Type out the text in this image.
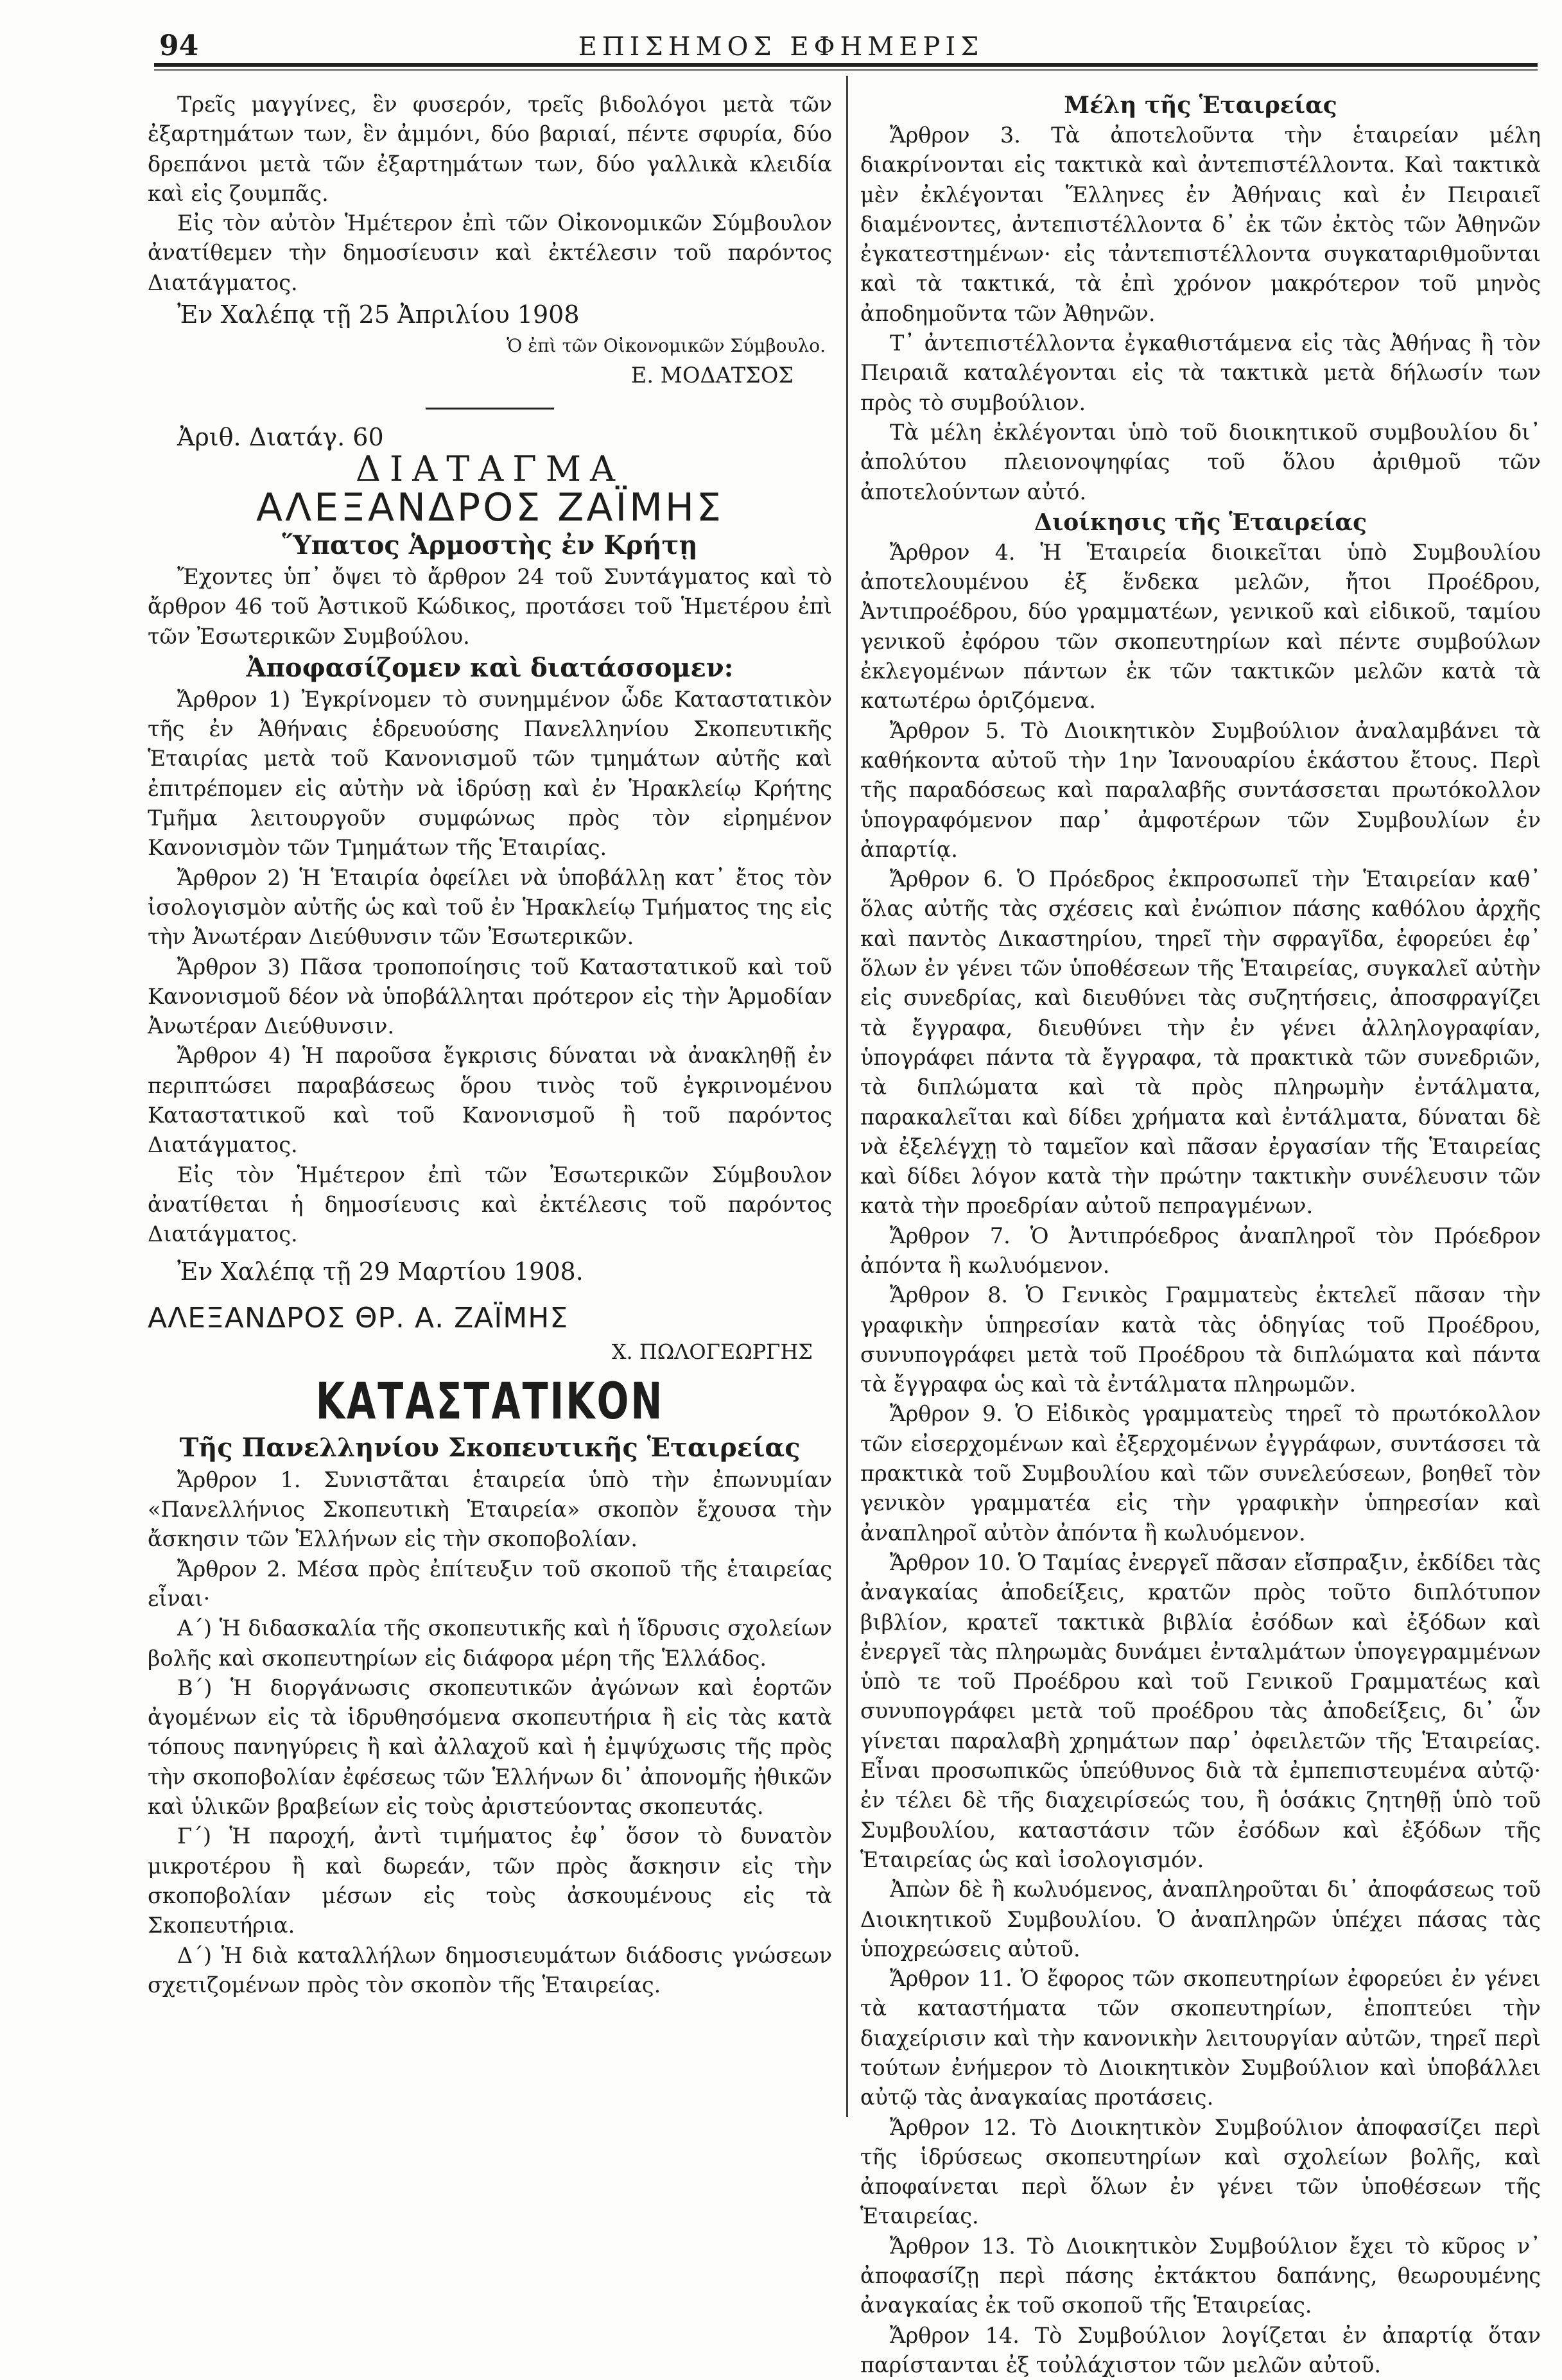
94	ΕΠΙΣΗΜΟΣ ΕΦΗΜΕΡΙΣ

Τρεῖς μαγγίνες, ἓν φυσερόν, τρεῖς βιδολόγοι μετὰ τῶν ἐξαρτημάτων των, ἓν ἀμμόνι, δύο βαριαί, πέντε σφυρία, δύο δρεπάνοι μετὰ τῶν ἐξαρτημάτων των, δύο γαλλικὰ κλειδία καὶ εἰς ζουμπᾶς.

Εἰς τὸν αὐτὸν Ἡμέτερον ἐπὶ τῶν Οἰκονομικῶν Σύμβουλον ἀνατίθεμεν τὴν δημοσίευσιν καὶ ἐκτέλεσιν τοῦ παρόντος Διατάγματος.

Ἐν Χαλέπᾳ τῇ 25 Ἀπριλίου 1908

Ὁ ἐπὶ τῶν Οἰκονομικῶν Σύμβουλο.

Ε. ΜΟΔΑΤΣΟΣ

Ἀριθ. Διατάγ. 60

ΔΙΑΤΑΓΜΑ
ΑΛΕΞΑΝΔΡΟΣ ΖΑΪΜΗΣ
Ὕπατος Ἁρμοστὴς ἐν Κρήτῃ

Ἔχοντες ὑπ᾽ ὄψει τὸ ἄρθρον 24 τοῦ Συντάγματος καὶ τὸ ἄρθρον 46 τοῦ Ἀστικοῦ Κώδικος, προτάσει τοῦ Ἡμετέρου ἐπὶ τῶν Ἐσωτερικῶν Συμβούλου.

Ἀποφασίζομεν καὶ διατάσσομεν:

Ἄρθρον 1) Ἐγκρίνομεν τὸ συνημμένον ὧδε Καταστατικὸν τῆς ἐν Ἀθήναις ἑδρευούσης Πανελληνίου Σκοπευτικῆς Ἑταιρίας μετὰ τοῦ Κανονισμοῦ τῶν τμημάτων αὐτῆς καὶ ἐπιτρέπομεν εἰς αὐτὴν νὰ ἱδρύσῃ καὶ ἐν Ἡρακλείῳ Κρήτης Τμῆμα λειτουργοῦν συμφώνως πρὸς τὸν εἰρημένον Κανονισμὸν τῶν Τμημάτων τῆς Ἑταιρίας.

Ἄρθρον 2) Ἡ Ἑταιρία ὀφείλει νὰ ὑποβάλλῃ κατ᾽ ἔτος τὸν ἰσολογισμὸν αὐτῆς ὡς καὶ τοῦ ἐν Ἡρακλείῳ Τμήματος της εἰς τὴν Ἀνωτέραν Διεύθυνσιν τῶν Ἐσωτερικῶν.

Ἄρθρον 3) Πᾶσα τροποποίησις τοῦ Καταστατικοῦ καὶ τοῦ Κανονισμοῦ δέον νὰ ὑποβάλληται πρότερον εἰς τὴν Ἁρμοδίαν Ἀνωτέραν Διεύθυνσιν.

Ἄρθρον 4) Ἡ παροῦσα ἔγκρισις δύναται νὰ ἀνακληθῇ ἐν περιπτώσει παραβάσεως ὅρου τινὸς τοῦ ἐγκρινομένου Καταστατικοῦ καὶ τοῦ Κανονισμοῦ ἢ τοῦ παρόντος Διατάγματος.

Εἰς τὸν Ἡμέτερον ἐπὶ τῶν Ἐσωτερικῶν Σύμβουλον ἀνατίθεται ἡ δημοσίευσις καὶ ἐκτέλεσις τοῦ παρόντος Διατάγματος.

Ἐν Χαλέπᾳ τῇ 29 Μαρτίου 1908.

ΑΛΕΞΑΝΔΡΟΣ ΘΡ. Α. ΖΑΪΜΗΣ
Χ. ΠΩΛΟΓΕΩΡΓΗΣ
ΚΑΤΑΣΤΑΤΙΚΟΝ
Τῆς Πανελληνίου Σκοπευτικῆς Ἑταιρείας

Ἄρθρον 1. Συνιστᾶται ἑταιρεία ὑπὸ τὴν ἐπωνυμίαν «Πανελλήνιος Σκοπευτικὴ Ἑταιρεία» σκοπὸν ἔχουσα τὴν ἄσκησιν τῶν Ἑλλήνων εἰς τὴν σκοποβολίαν.

Ἄρθρον 2. Μέσα πρὸς ἐπίτευξιν τοῦ σκοποῦ τῆς ἑταιρείας εἶναι·

Α΄) Ἡ διδασκαλία τῆς σκοπευτικῆς καὶ ἡ ἵδρυσις σχολείων βολῆς καὶ σκοπευτηρίων εἰς διάφορα μέρη τῆς Ἑλλάδος.

Β΄) Ἡ διοργάνωσις σκοπευτικῶν ἀγώνων καὶ ἑορτῶν ἀγομένων εἰς τὰ ἱδρυθησόμενα σκοπευτήρια ἢ εἰς τὰς κατὰ τόπους πανηγύρεις ἢ καὶ ἀλλαχοῦ καὶ ἡ ἐμψύχωσις τῆς πρὸς τὴν σκοποβολίαν ἐφέσεως τῶν Ἑλλήνων δι᾽ ἀπονομῆς ἠθικῶν καὶ ὑλικῶν βραβείων εἰς τοὺς ἀριστεύοντας σκοπευτάς.

Γ΄) Ἡ παροχή, ἀντὶ τιμήματος ἐφ᾽ ὅσον τὸ δυνατὸν μικροτέρου ἢ καὶ δωρεάν, τῶν πρὸς ἄσκησιν εἰς τὴν σκοποβολίαν μέσων εἰς τοὺς ἀσκουμένους εἰς τὰ Σκοπευτήρια.

Δ΄) Ἡ διὰ καταλλήλων δημοσιευμάτων διάδοσις γνώσεων σχετιζομένων πρὸς τὸν σκοπὸν τῆς Ἑταιρείας.

Μέλη τῆς Ἑταιρείας

Ἄρθρον 3. Τὰ ἀποτελοῦντα τὴν ἑταιρείαν μέλη διακρίνονται εἰς τακτικὰ καὶ ἀντεπιστέλλοντα. Καὶ τακτικὰ μὲν ἐκλέγονται Ἕλληνες ἐν Ἀθήναις καὶ ἐν Πειραιεῖ διαμένοντες, ἀντεπιστέλλοντα δ᾽ ἐκ τῶν ἐκτὸς τῶν Ἀθηνῶν ἐγκατεστημένων· εἰς τἀντεπιστέλλοντα συγκαταριθμοῦνται καὶ τὰ τακτικά, τὰ ἐπὶ χρόνον μακρότερον τοῦ μηνὸς ἀποδημοῦντα τῶν Ἀθηνῶν.

Τ᾽ ἀντεπιστέλλοντα ἐγκαθιστάμενα εἰς τὰς Ἀθήνας ἢ τὸν Πειραιᾶ καταλέγονται εἰς τὰ τακτικὰ μετὰ δήλωσίν των πρὸς τὸ συμβούλιον.

Τὰ μέλη ἐκλέγονται ὑπὸ τοῦ διοικητικοῦ συμβουλίου δι᾽ ἀπολύτου πλειονοψηφίας τοῦ ὅλου ἀριθμοῦ τῶν ἀποτελούντων αὐτό.

Διοίκησις τῆς Ἑταιρείας

Ἄρθρον 4. Ἡ Ἑταιρεία διοικεῖται ὑπὸ Συμβουλίου ἀποτελουμένου ἐξ ἕνδεκα μελῶν, ἤτοι Προέδρου, Ἀντιπροέδρου, δύο γραμματέων, γενικοῦ καὶ εἰδικοῦ, ταμίου γενικοῦ ἐφόρου τῶν σκοπευτηρίων καὶ πέντε συμβούλων ἐκλεγομένων πάντων ἐκ τῶν τακτικῶν μελῶν κατὰ τὰ κατωτέρω ὁριζόμενα.

Ἄρθρον 5. Τὸ Διοικητικὸν Συμβούλιον ἀναλαμβάνει τὰ καθήκοντα αὐτοῦ τὴν 1ην Ἰανουαρίου ἑκάστου ἔτους. Περὶ τῆς παραδόσεως καὶ παραλαβῆς συντάσσεται πρωτόκολλον ὑπογραφόμενον παρ᾽ ἀμφοτέρων τῶν Συμβουλίων ἐν ἀπαρτίᾳ.

Ἄρθρον 6. Ὁ Πρόεδρος ἐκπροσωπεῖ τὴν Ἑταιρείαν καθ᾽ ὅλας αὐτῆς τὰς σχέσεις καὶ ἐνώπιον πάσης καθόλου ἀρχῆς καὶ παντὸς Δικαστηρίου, τηρεῖ τὴν σφραγῖδα, ἐφορεύει ἐφ᾽ ὅλων ἐν γένει τῶν ὑποθέσεων τῆς Ἑταιρείας, συγκαλεῖ αὐτὴν εἰς συνεδρίας, καὶ διευθύνει τὰς συζητήσεις, ἀποσφραγίζει τὰ ἔγγραφα, διευθύνει τὴν ἐν γένει ἀλληλογραφίαν, ὑπογράφει πάντα τὰ ἔγγραφα, τὰ πρακτικὰ τῶν συνεδριῶν, τὰ διπλώματα καὶ τὰ πρὸς πληρωμὴν ἐντάλματα, παρακαλεῖται καὶ δίδει χρήματα καὶ ἐντάλματα, δύναται δὲ νὰ ἐξελέγχῃ τὸ ταμεῖον καὶ πᾶσαν ἐργασίαν τῆς Ἑταιρείας καὶ δίδει λόγον κατὰ τὴν πρώτην τακτικὴν συνέλευσιν τῶν κατὰ τὴν προεδρίαν αὐτοῦ πεπραγμένων.

Ἄρθρον 7. Ὁ Ἀντιπρόεδρος ἀναπληροῖ τὸν Πρόεδρον ἀπόντα ἢ κωλυόμενον.

Ἄρθρον 8. Ὁ Γενικὸς Γραμματεὺς ἐκτελεῖ πᾶσαν τὴν γραφικὴν ὑπηρεσίαν κατὰ τὰς ὁδηγίας τοῦ Προέδρου, συνυπογράφει μετὰ τοῦ Προέδρου τὰ διπλώματα καὶ πάντα τὰ ἔγγραφα ὡς καὶ τὰ ἐντάλματα πληρωμῶν.

Ἄρθρον 9. Ὁ Εἰδικὸς γραμματεὺς τηρεῖ τὸ πρωτόκολλον τῶν εἰσερχομένων καὶ ἐξερχομένων ἐγγράφων, συντάσσει τὰ πρακτικὰ τοῦ Συμβουλίου καὶ τῶν συνελεύσεων, βοηθεῖ τὸν γενικὸν γραμματέα εἰς τὴν γραφικὴν ὑπηρεσίαν καὶ ἀναπληροῖ αὐτὸν ἀπόντα ἢ κωλυόμενον.

Ἄρθρον 10. Ὁ Ταμίας ἐνεργεῖ πᾶσαν εἴσπραξιν, ἐκδίδει τὰς ἀναγκαίας ἀποδείξεις, κρατῶν πρὸς τοῦτο διπλότυπον βιβλίον, κρατεῖ τακτικὰ βιβλία ἐσόδων καὶ ἐξόδων καὶ ἐνεργεῖ τὰς πληρωμὰς δυνάμει ἐνταλμάτων ὑπογεγραμμένων ὑπὸ τε τοῦ Προέδρου καὶ τοῦ Γενικοῦ Γραμματέως καὶ συνυπογράφει μετὰ τοῦ προέδρου τὰς ἀποδείξεις, δι᾽ ὧν γίνεται παραλαβὴ χρημάτων παρ᾽ ὀφειλετῶν τῆς Ἑταιρείας. Εἶναι προσωπικῶς ὑπεύθυνος διὰ τὰ ἐμπεπιστευμένα αὐτῷ· ἐν τέλει δὲ τῆς διαχειρίσεώς του, ἢ ὁσάκις ζητηθῇ ὑπὸ τοῦ Συμβουλίου, καταστάσιν τῶν ἐσόδων καὶ ἐξόδων τῆς Ἑταιρείας ὡς καὶ ἰσολογισμόν.

Ἀπὼν δὲ ἢ κωλυόμενος, ἀναπληροῦται δι᾽ ἀποφάσεως τοῦ Διοικητικοῦ Συμβουλίου. Ὁ ἀναπληρῶν ὑπέχει πάσας τὰς ὑποχρεώσεις αὐτοῦ.

Ἄρθρον 11. Ὁ ἔφορος τῶν σκοπευτηρίων ἐφορεύει ἐν γένει τὰ καταστήματα τῶν σκοπευτηρίων, ἐποπτεύει τὴν διαχείρισιν καὶ τὴν κανονικὴν λειτουργίαν αὐτῶν, τηρεῖ περὶ τούτων ἐνήμερον τὸ Διοικητικὸν Συμβούλιον καὶ ὑποβάλλει αὐτῷ τὰς ἀναγκαίας προτάσεις.

Ἄρθρον 12. Τὸ Διοικητικὸν Συμβούλιον ἀποφασίζει περὶ τῆς ἱδρύσεως σκοπευτηρίων καὶ σχολείων βολῆς, καὶ ἀποφαίνεται περὶ ὅλων ἐν γένει τῶν ὑποθέσεων τῆς Ἑταιρείας.

Ἄρθρον 13. Τὸ Διοικητικὸν Συμβούλιον ἔχει τὸ κῦρος ν᾽ ἀποφασίζῃ περὶ πάσης ἐκτάκτου δαπάνης, θεωρουμένης ἀναγκαίας ἐκ τοῦ σκοποῦ τῆς Ἑταιρείας.

Ἄρθρον 14. Τὸ Συμβούλιον λογίζεται ἐν ἀπαρτίᾳ ὅταν παρίστανται ἐξ τοὐλάχιστον τῶν μελῶν αὐτοῦ.
